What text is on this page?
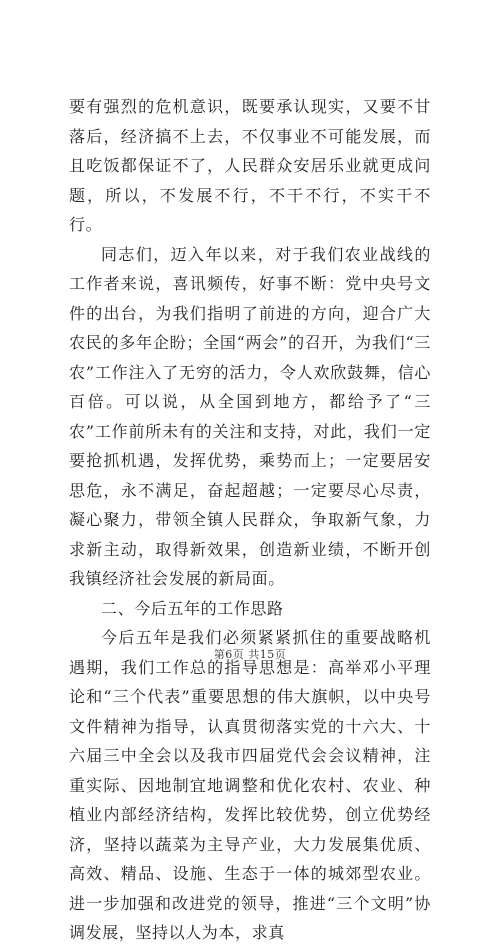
要有强烈的危机意识，既要承认现实，又要不甘落后，经济搞不上去，不仅事业不可能发展，而且吃饭都保证不了，人民群众安居乐业就更成问题，所以，不发展不行，不干不行，不实干不行。

同志们，迈入年以来，对于我们农业战线的工作者来说，喜讯频传，好事不断：党中央号文件的出台，为我们指明了前进的方向，迎合广大农民的多年企盼；全国“两会”的召开，为我们“三农”工作注入了无穷的活力，令人欢欣鼓舞，信心百倍。可以说，从全国到地方，都给予了“三农”工作前所未有的关注和支持，对此，我们一定要抢抓机遇，发挥优势，乘势而上；一定要居安思危，永不满足，奋起超越；一定要尽心尽责，凝心聚力，带领全镇人民群众，争取新气象，力求新主动，取得新效果，创造新业绩，不断开创我镇经济社会发展的新局面。

二、今后五年的工作思路

今后五年是我们必须紧紧抓住的重要战略机遇期，我们工作总的指导思想是：高举邓小平理论和“三个代表”重要思想的伟大旗帜，以中央号文件精神为指导，认真贯彻落实党的十六大、十六届三中全会以及我市四届党代会会议精神，注重实际、因地制宜地调整和优化农村、农业、种植业内部经济结构，发挥比较优势，创立优势经济，坚持以蔬菜为主导产业，大力发展集优质、高效、精品、设施、生态于一体的城郊型农业。进一步加强和改进党的领导，推进“三个文明”协调发展，坚持以人为本，求真

第6页 共15页
